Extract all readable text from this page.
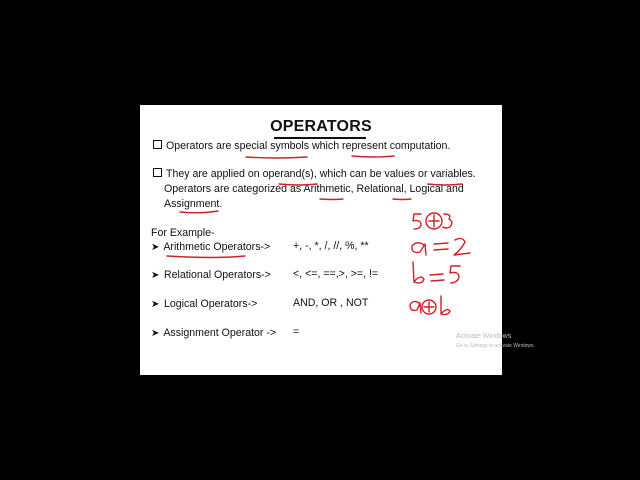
OPERATORS
Operators are special symbols which represent computation.
They are applied on operand(s), which can be values or variables.
Operators are categorized as Arithmetic, Relational, Logical and
Assignment.
For Example-
➤ Arithmetic Operators-> +, -, *, /, //, %, **
➤ Relational Operators-> <, <=, ==,>, >=, !=
➤ Logical Operators->	AND, OR , NOT
➤ Assignment Operator -> =	Activate Windows
Go to Settings to activate Windows.
